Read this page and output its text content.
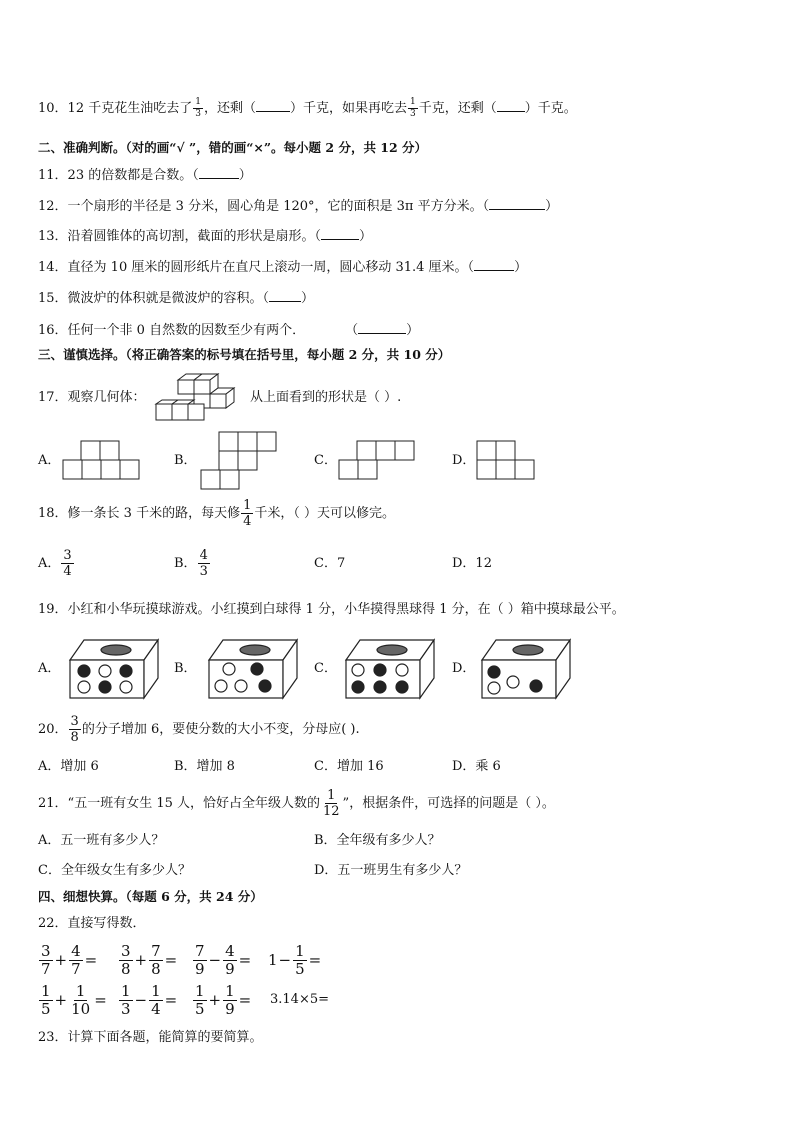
10．12 千克花生油吃去了 $\frac{1}{3}$ ，还剩（	）千克，如果再吃去 $\frac{1}{3}$ 千克，还剩（ ）千克。
二、准确判断。（对的画“√ ”，错的画“×”。每小题 2 分，共 12 分）
11．23 的倍数都是合数。（	）
12．一个扇形的半径是 3 分米，圆心角是 120°，它的面积是 3π 平方分米。（	）
13．沿着圆锥体的高切割，截面的形状是扇形。（	）
14．直径为 10 厘米的圆形纸片在直尺上滚动一周，圆心移动 31.4 厘米。（	）
15．微波炉的体积就是微波炉的容积。（ ）
16．任何一个非 0 自然数的因数至少有两个．	（	）
三、谨慎选择。（将正确答案的标号填在括号里，每小题 2 分，共 10 分）
17．观察几何体：	从上面看到的形状是（ ）.
A．	B．	C．	D．
18．修一条长 3 千米的路，每天修 $\frac{1}{4}$ 千米，（ ）天可以修完。
A． $\frac{3}{4}$	B． $\frac{4}{3}$	C．7	D．12
19．小红和小华玩摸球游戏。小红摸到白球得 1 分，小华摸得黑球得 1 分，在（ ）箱中摸球最公平。
A．	B．	C．	D．
20． $\frac{3}{8}$ 的分子增加 6，要使分数的大小不变，分母应( ).
A．增加 6	B．增加 8	C．增加 16	D．乘 6
21．“五一班有女生 15 人，恰好占全年级人数的 $\frac{1}{12}$ ”，根据条件，可选择的问题是（ ）。
A．五一班有多少人？	B．全年级有多少人？
C．全年级女生有多少人？	D．五一班男生有多少人？
四、细想快算。（每题 6 分，共 24 分）
22．直接写得数．
$\frac{3}{7} + \frac{4}{7} = \frac{3}{8} + \frac{7}{8} = \frac{7}{9} - \frac{4}{9} = 1 - \frac{1}{5}$ =
$\frac{1}{5} + \frac{1}{10} = \frac{1}{3} - \frac{1}{4} = \frac{1}{5} + \frac{1}{9} = 3.14\times 5=$
23．计算下面各题，能简算的要简算。
